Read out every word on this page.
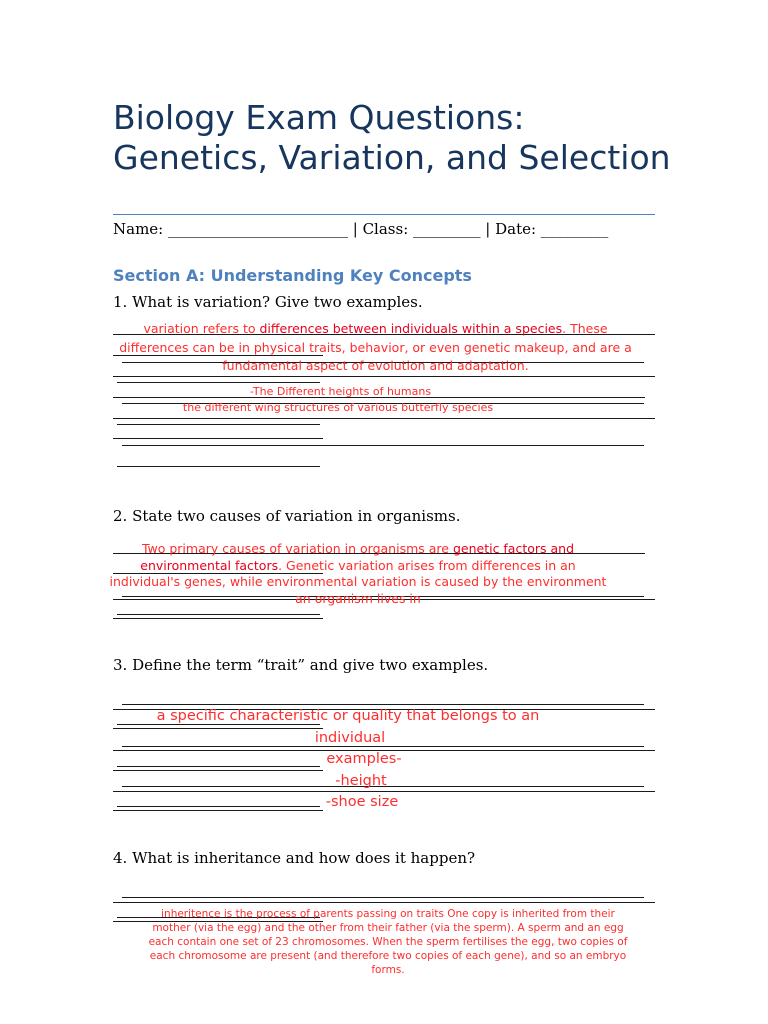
Biology Exam Questions: Genetics, Variation, and Selection
Name: ________________________ | Class: _________ | Date: _________
Section A: Understanding Key Concepts
1. What is variation? Give two examples.
variation refers to differences between individuals within a species. These differences can be in physical traits, behavior, or even genetic makeup, and are a fundamental aspect of evolution and adaptation.
-The Different heights of humans
the different wing structures of various butterfly species
2. State two causes of variation in organisms.
Two primary causes of variation in organisms are genetic factors and environmental factors. Genetic variation arises from differences in an individual's genes, while environmental variation is caused by the environment an organism lives in
3. Define the term “trait” and give two examples.
a specific characteristic or quality that belongs to an
individual
examples-
-height
-shoe size
4. What is inheritance and how does it happen?
inheritence is the process of parents passing on traits One copy is inherited from their mother (via the egg) and the other from their father (via the sperm). A sperm and an egg each contain one set of 23 chromosomes. When the sperm fertilises the egg, two copies of each chromosome are present (and therefore two copies of each gene), and so an embryo forms.
